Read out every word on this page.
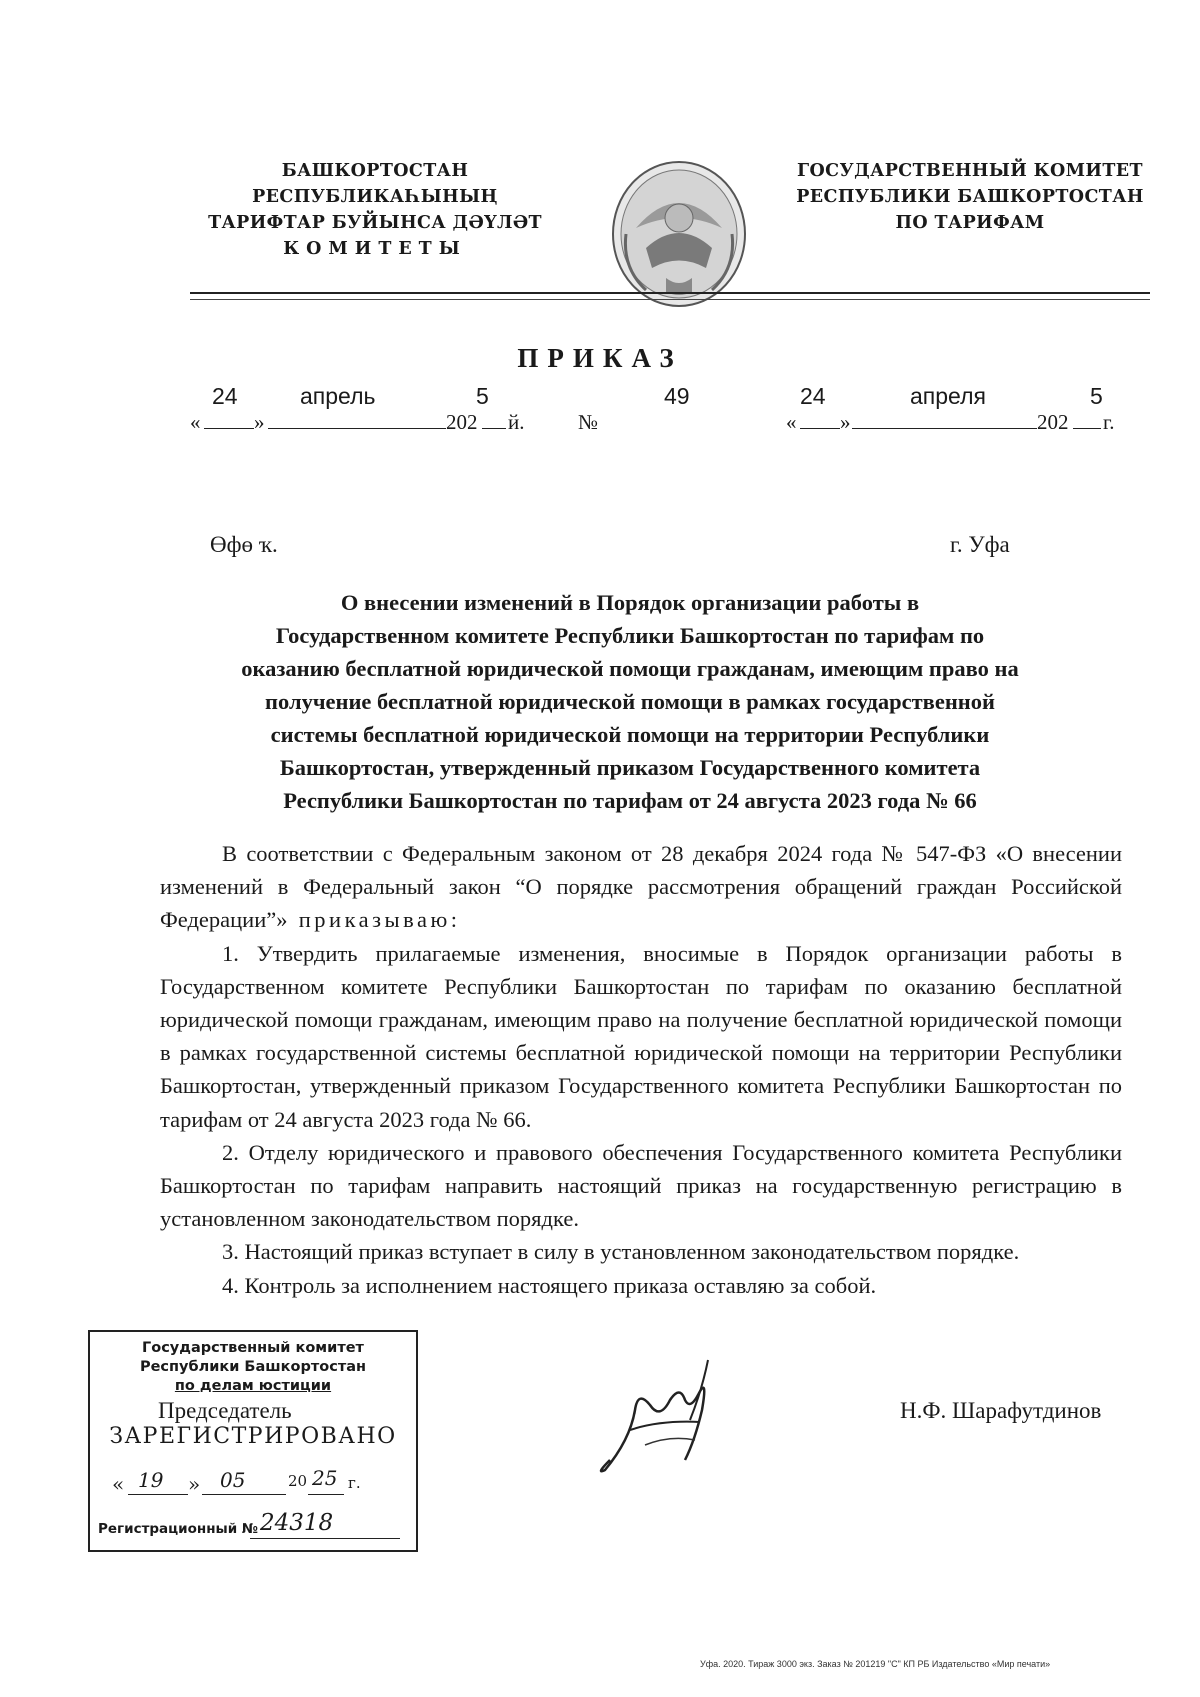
БАШКОРТОСТАН РЕСПУБЛИКАҺЫНЫҢ
ТАРИФТАР БУЙЫНСА ДӘҮЛӘТ
КОМИТЕТЫ
ГОСУДАРСТВЕННЫЙ КОМИТЕТ
РЕСПУБЛИКИ БАШКОРТОСТАН
ПО ТАРИФАМ
ПРИКАЗ
24	апрель	5
«	»	202 й.	№
49	24	апреля	5
« »	202 г.
Өфө ҡ.	г. Уфа
О внесении изменений в Порядок организации работы в
Государственном комитете Республики Башкортостан по тарифам по
оказанию бесплатной юридической помощи гражданам, имеющим право на
получение бесплатной юридической помощи в рамках государственной
системы бесплатной юридической помощи на территории Республики
Башкортостан, утвержденный приказом Государственного комитета
Республики Башкортостан по тарифам от 24 августа 2023 года № 66

В соответствии с Федеральным законом от 28 декабря 2024 года № 547-ФЗ «О внесении изменений в Федеральный закон “О порядке рассмотрения обращений граждан Российской Федерации”» приказываю:

1. Утвердить прилагаемые изменения, вносимые в Порядок организации работы в Государственном комитете Республики Башкортостан по тарифам по оказанию бесплатной юридической помощи гражданам, имеющим право на получение бесплатной юридической помощи в рамках государственной системы бесплатной юридической помощи на территории Республики Башкортостан, утвержденный приказом Государственного комитета Республики Башкортостан по тарифам от 24 августа 2023 года № 66.

2. Отделу юридического и правового обеспечения Государственного комитета Республики Башкортостан по тарифам направить настоящий приказ на государственную регистрацию в установленном законодательством порядке.

3. Настоящий приказ вступает в силу в установленном законодательством порядке.

4. Контроль за исполнением настоящего приказа оставляю за собой.

Государственный комитет
Республики Башкортостан
по делам юстиции
ЗАРЕГИСТРИРОВАНО
« 19 » 05	20 25 г.
Регистрационный № 24318
Председатель	Н.Ф. Шарафутдинов
Уфа. 2020. Тираж 3000 экз. Заказ № 201219 "С" КП РБ Издательство «Мир печати»
